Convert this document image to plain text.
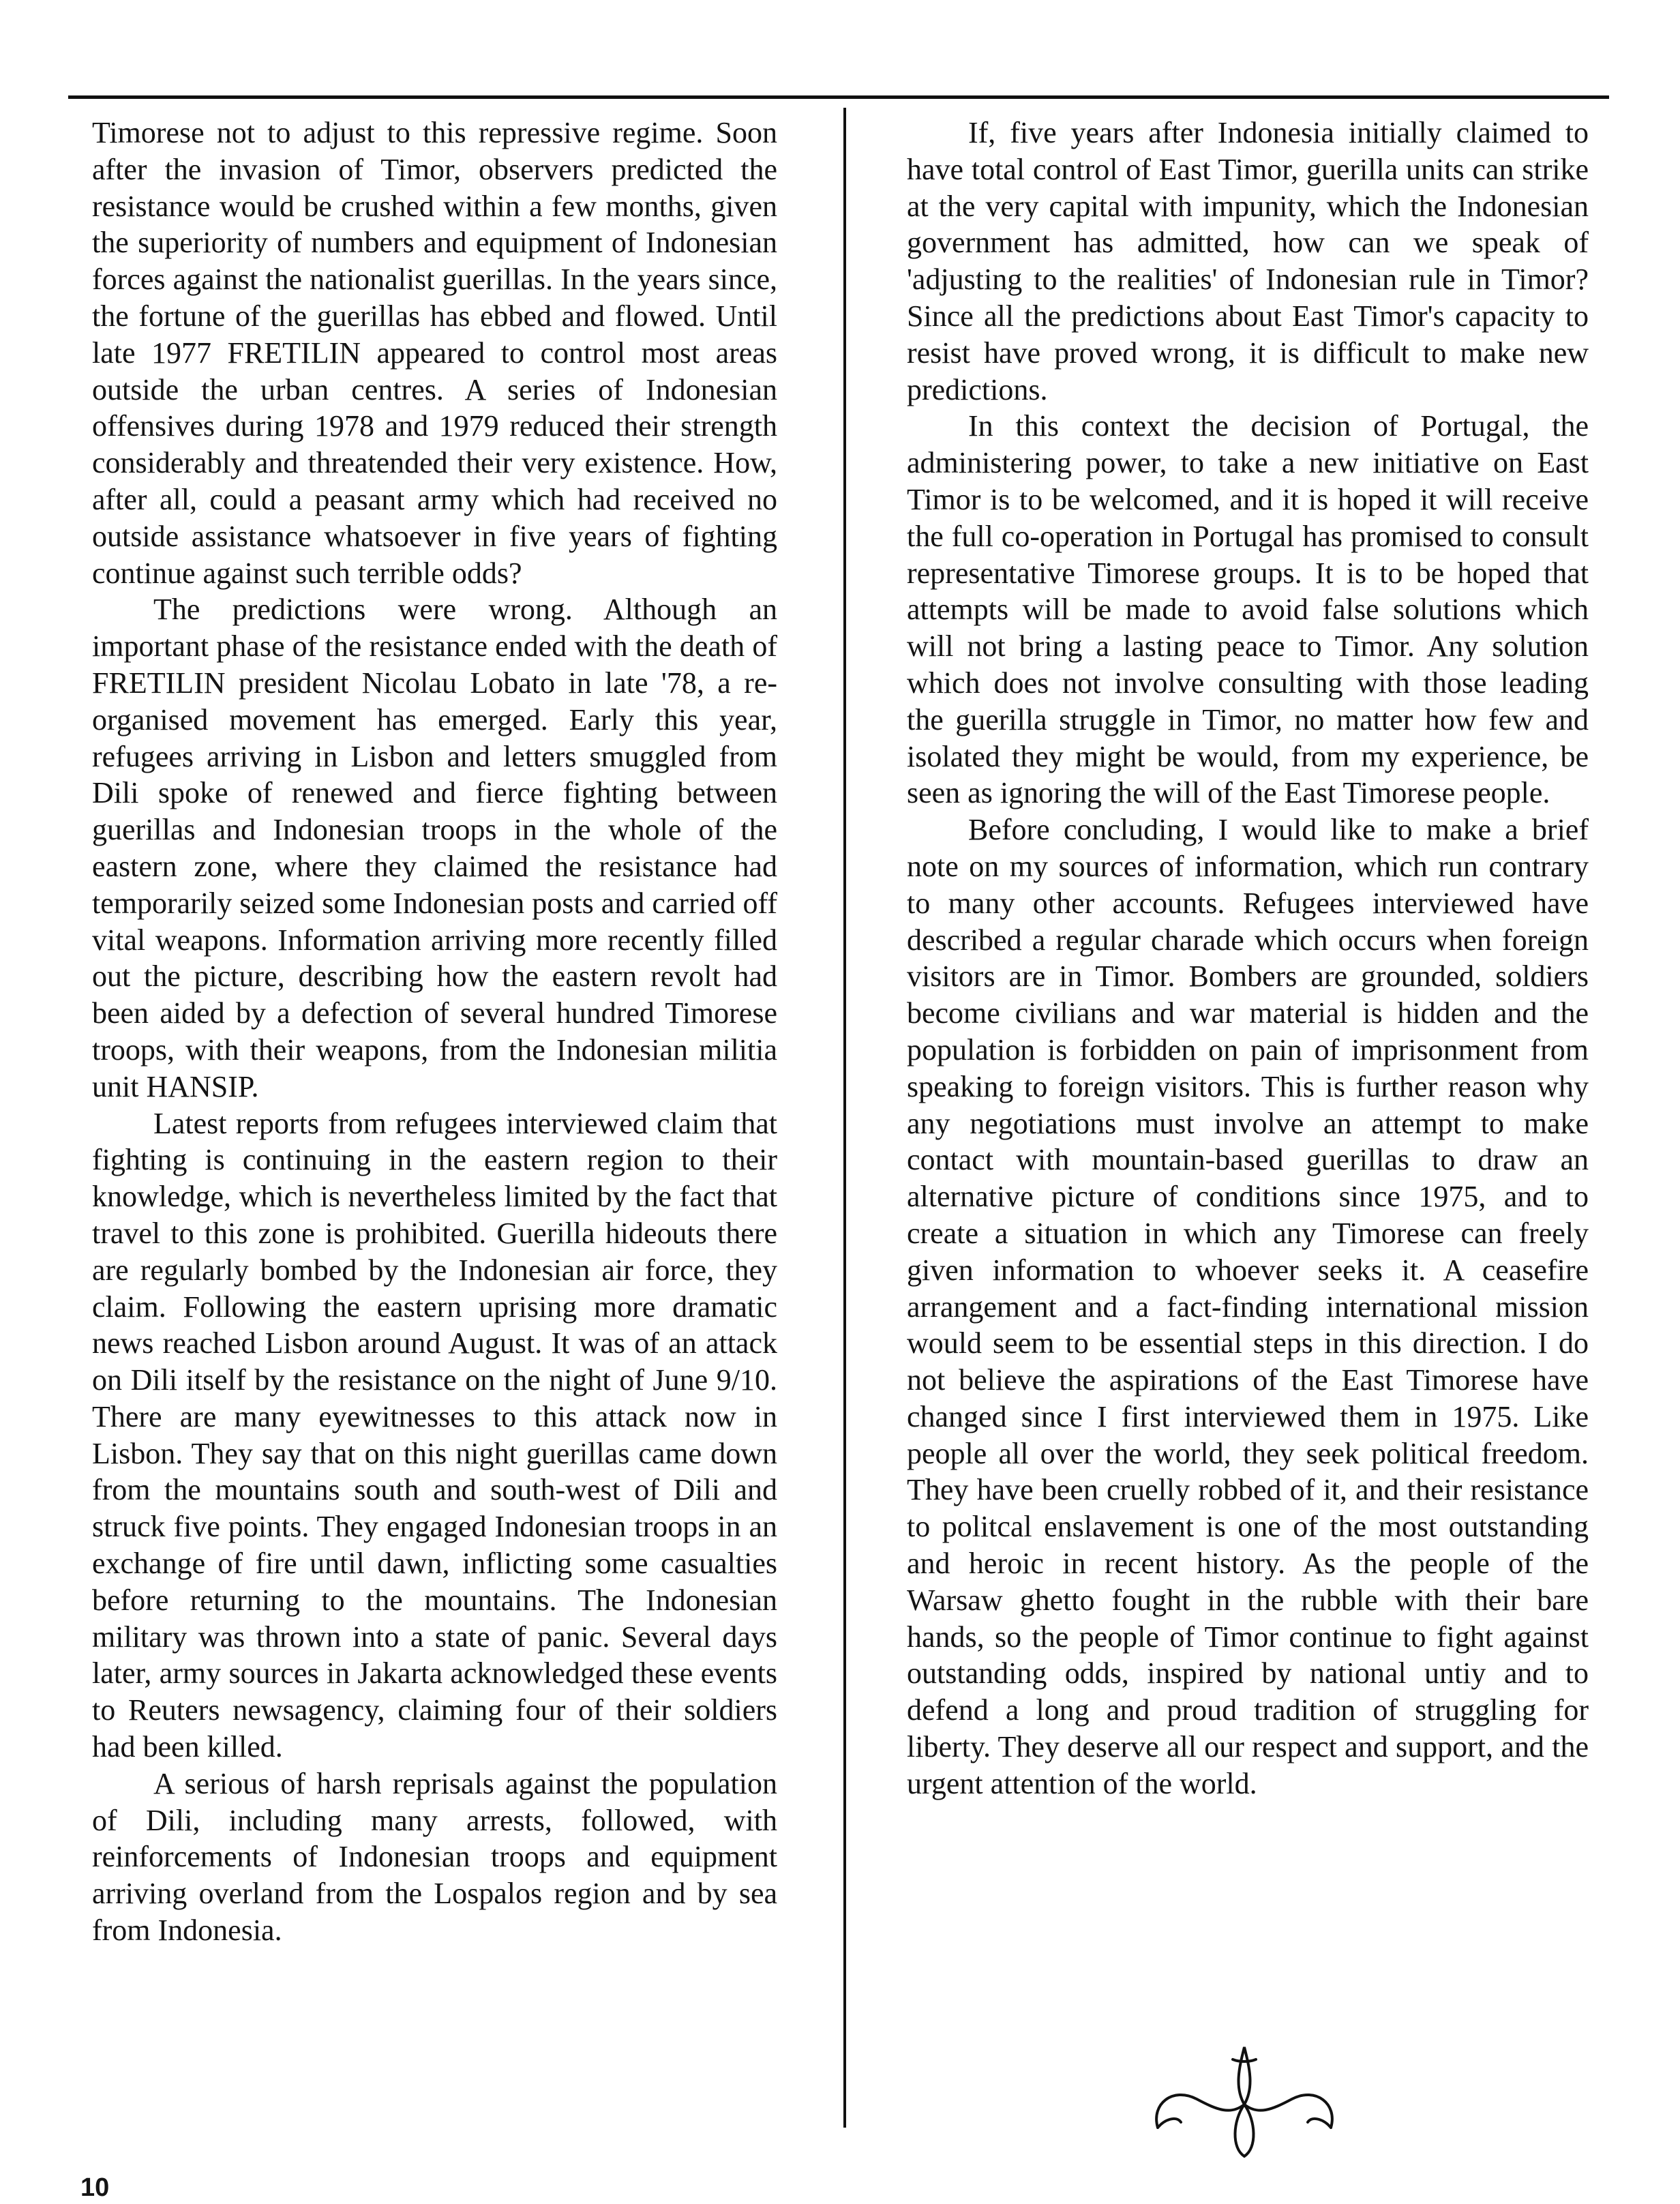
Timorese not to adjust to this repressive regime. Soon after the invasion of Timor, observers predicted the resistance would be crushed within a few months, given the superiority of numbers and equipment of Indonesian forces against the nationalist guerillas. In the years since, the fortune of the guerillas has ebbed and flowed. Until late 1977 FRETILIN appeared to control most areas outside the urban centres. A series of Indonesian offensives during 1978 and 1979 reduced their strength considerably and threatended their very existence. How, after all, could a peasant army which had received no outside assistance whatsoever in five years of fighting continue against such terrible odds?

The predictions were wrong. Although an important phase of the resistance ended with the death of FRETILIN president Nicolau Lobato in late '78, a re-organised movement has emerged. Early this year, refugees arriving in Lisbon and letters smuggled from Dili spoke of renewed and fierce fighting between guerillas and Indonesian troops in the whole of the eastern zone, where they claimed the resistance had temporarily seized some Indonesian posts and carried off vital weapons. Information arriving more recently filled out the picture, describing how the eastern revolt had been aided by a defection of several hundred Timorese troops, with their weapons, from the Indonesian militia unit HANSIP.

Latest reports from refugees interviewed claim that fighting is continuing in the eastern region to their knowledge, which is nevertheless limited by the fact that travel to this zone is prohibited. Guerilla hideouts there are regularly bombed by the Indonesian air force, they claim. Following the eastern uprising more dramatic news reached Lisbon around August. It was of an attack on Dili itself by the resistance on the night of June 9/10. There are many eyewitnesses to this attack now in Lisbon. They say that on this night guerillas came down from the mountains south and south-west of Dili and struck five points. They engaged Indonesian troops in an exchange of fire until dawn, inflicting some casualties before returning to the mountains. The Indonesian military was thrown into a state of panic. Several days later, army sources in Jakarta acknowledged these events to Reuters newsagency, claiming four of their soldiers had been killed.

A serious of harsh reprisals against the population of Dili, including many arrests, followed, with reinforcements of Indonesian troops and equipment arriving overland from the Lospalos region and by sea from Indonesia.

If, five years after Indonesia initially claimed to have total control of East Timor, guerilla units can strike at the very capital with impunity, which the Indonesian government has admitted, how can we speak of 'adjusting to the realities' of Indonesian rule in Timor? Since all the predictions about East Timor's capacity to resist have proved wrong, it is difficult to make new predictions.

In this context the decision of Portugal, the administering power, to take a new initiative on East Timor is to be welcomed, and it is hoped it will receive the full co-operation in Portugal has promised to consult representative Timorese groups. It is to be hoped that attempts will be made to avoid false solutions which will not bring a lasting peace to Timor. Any solution which does not involve consulting with those leading the guerilla struggle in Timor, no matter how few and isolated they might be would, from my experience, be seen as ignoring the will of the East Timorese people.

Before concluding, I would like to make a brief note on my sources of information, which run contrary to many other accounts. Refugees interviewed have described a regular charade which occurs when foreign visitors are in Timor. Bombers are grounded, soldiers become civilians and war material is hidden and the population is forbidden on pain of imprisonment from speaking to foreign visitors. This is further reason why any negotiations must involve an attempt to make contact with mountain-based guerillas to draw an alternative picture of conditions since 1975, and to create a situation in which any Timorese can freely given information to whoever seeks it. A ceasefire arrangement and a fact-finding international mission would seem to be essential steps in this direction. I do not believe the aspirations of the East Timorese have changed since I first interviewed them in 1975. Like people all over the world, they seek political freedom. They have been cruelly robbed of it, and their resistance to politcal enslavement is one of the most outstanding and heroic in recent history. As the people of the Warsaw ghetto fought in the rubble with their bare hands, so the people of Timor continue to fight against outstanding odds, inspired by national untiy and to defend a long and proud tradition of struggling for liberty. They deserve all our respect and support, and the urgent attention of the world.

10
